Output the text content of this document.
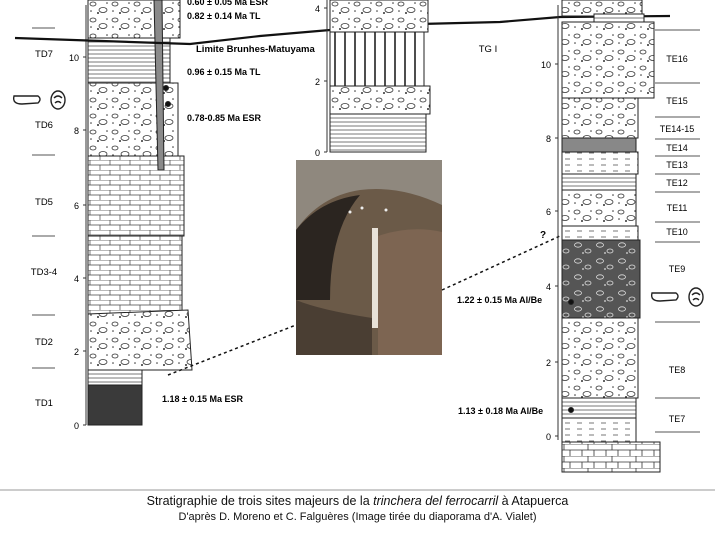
TD7
TD6
TD5
TD3-4
TD2
TD1
0
2
4
6
8
10
0.60 ± 0.05 Ma ESR
0.82 ± 0.14 Ma TL
0.96 ± 0.15 Ma TL
0.78-0.85 Ma ESR
1.18 ± 0.15 Ma ESR
Limite Brunhes-Matuyama
0
2
4
TG I
0
2
4
6
8
10
TE16
TE15
TE14-15
TE14
TE13
TE12
TE11
TE10
TE9
TE8
TE7
?
1.22 ± 0.15 Ma Al/Be
1.13 ± 0.18 Ma Al/Be
Stratigraphie de trois sites majeurs de la trinchera del ferrocarril à Atapuerca
D'après D. Moreno et C. Falguères (Image tirée du diaporama d'A. Vialet)
